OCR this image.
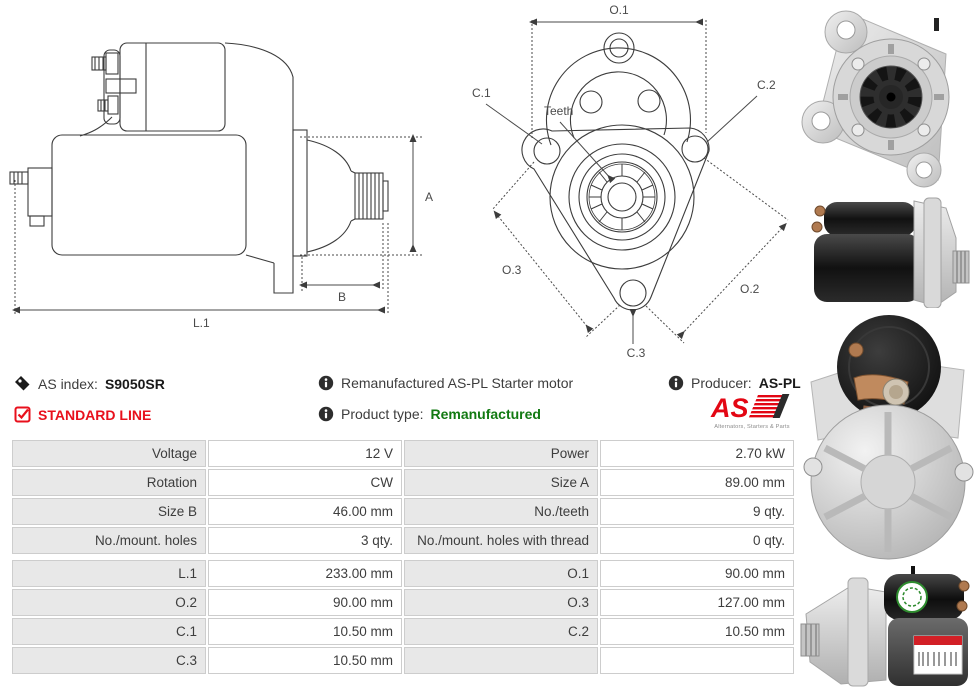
A
B
L.1
O.1
C.1
C.2
Teeth
O.3
O.2
C.3
AS index: S9050SR
STANDARD LINE
Remanufactured AS-PL Starter motor
Product type: Remanufactured
Producer: AS-PL
AS
Alternators, Starters & Parts
Voltage	12 V	Power	2.70 kW
Rotation	CW	Size A	89.00 mm
Size B	46.00 mm	No./teeth	9 qty.
No./mount. holes	3 qty.	No./mount. holes with thread	0 qty.
L.1	233.00 mm	O.1	90.00 mm
O.2	90.00 mm	O.3	127.00 mm
C.1	10.50 mm	C.2	10.50 mm
C.3	10.50 mm		
